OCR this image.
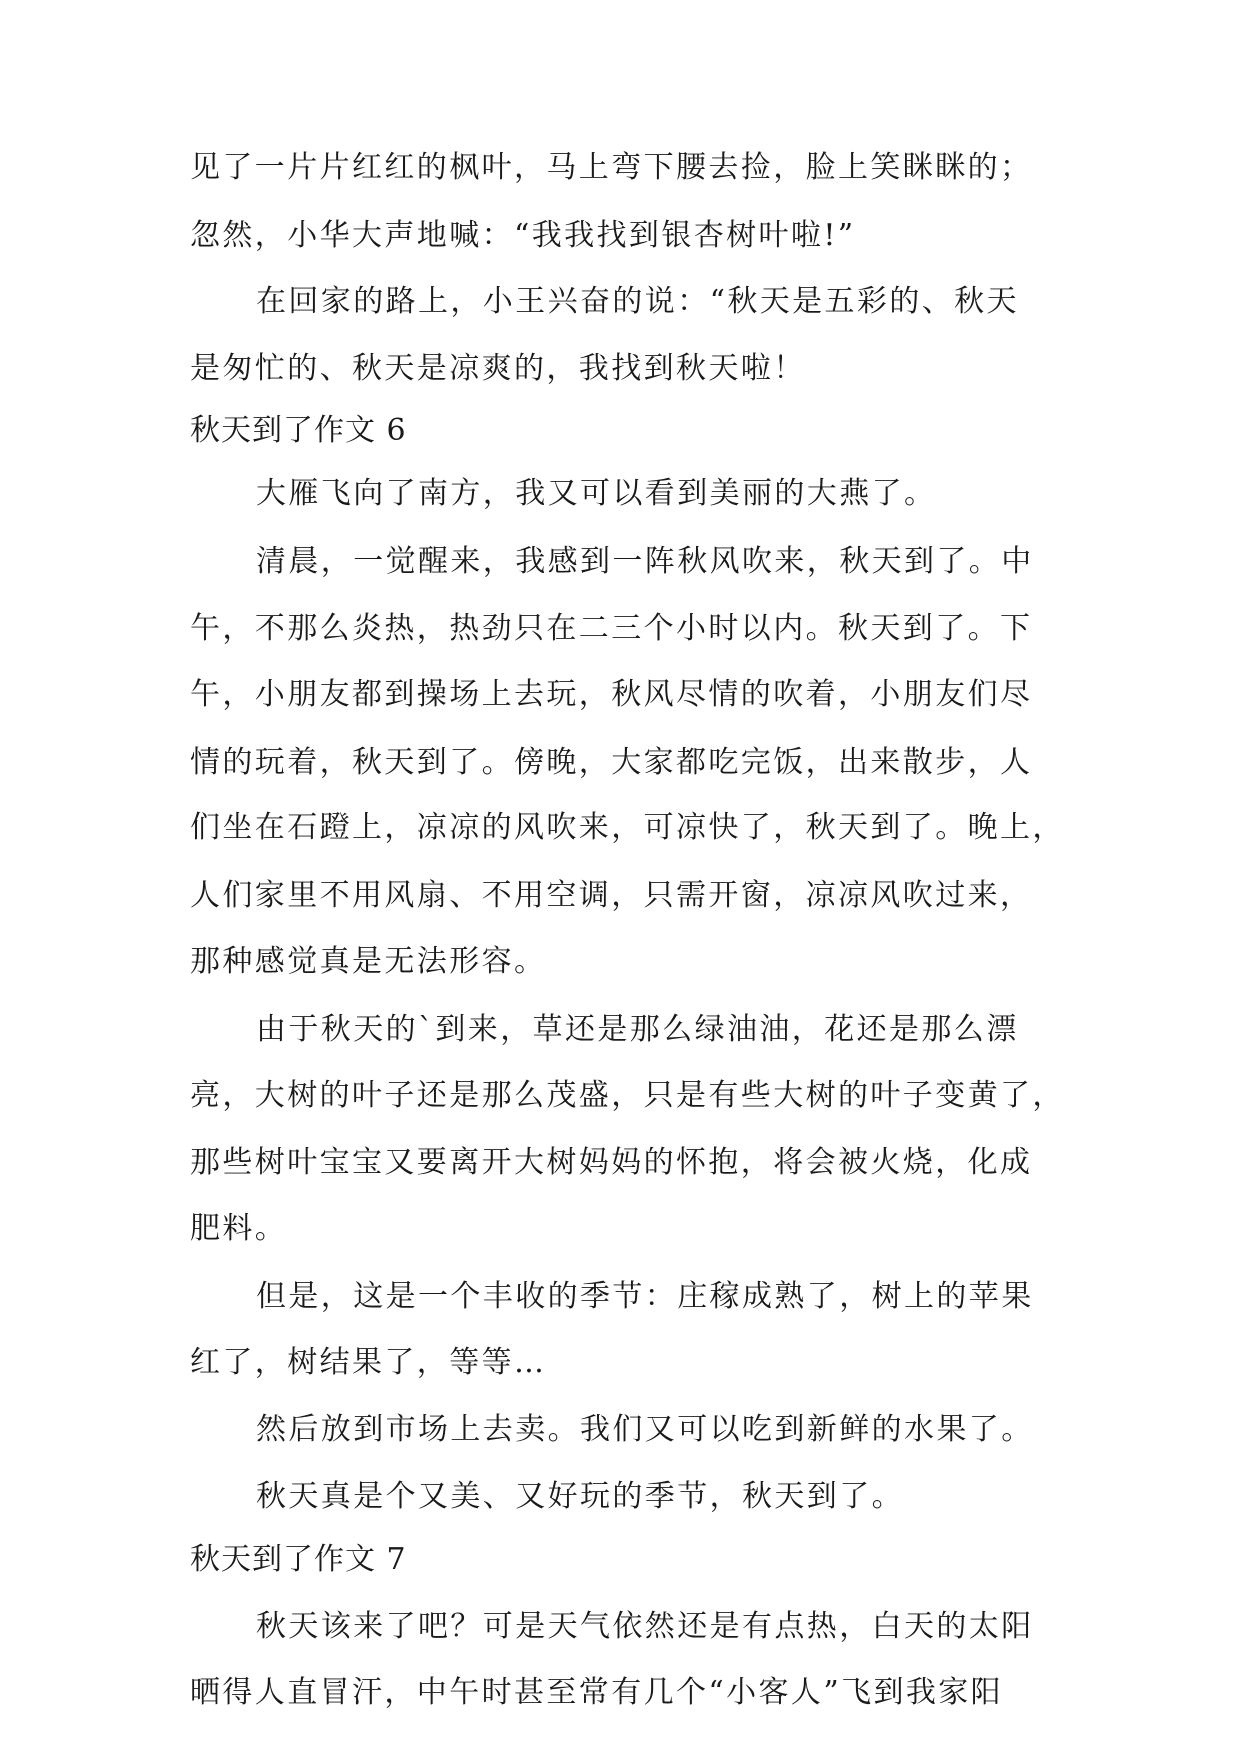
见了一片片红红的枫叶，马上弯下腰去捡，脸上笑眯眯的；
忽然，小华大声地喊：“我我找到银杏树叶啦!”
在回家的路上，小王兴奋的说：“秋天是五彩的、秋天
是匆忙的、秋天是凉爽的，我找到秋天啦！
秋天到了作文 6
大雁飞向了南方，我又可以看到美丽的大燕了。
清晨，一觉醒来，我感到一阵秋风吹来，秋天到了。中
午，不那么炎热，热劲只在二三个小时以内。秋天到了。下
午，小朋友都到操场上去玩，秋风尽情的吹着，小朋友们尽
情的玩着，秋天到了。傍晚，大家都吃完饭，出来散步，人
们坐在石蹬上，凉凉的风吹来，可凉快了，秋天到了。晚上，
人们家里不用风扇、不用空调，只需开窗，凉凉风吹过来，
那种感觉真是无法形容。
由于秋天的`到来，草还是那么绿油油，花还是那么漂
亮，大树的叶子还是那么茂盛，只是有些大树的叶子变黄了，
那些树叶宝宝又要离开大树妈妈的怀抱，将会被火烧，化成
肥料。
但是，这是一个丰收的季节：庄稼成熟了，树上的苹果
红了，树结果了，等等…
然后放到市场上去卖。我们又可以吃到新鲜的水果了。
秋天真是个又美、又好玩的季节，秋天到了。
秋天到了作文 7
秋天该来了吧？可是天气依然还是有点热，白天的太阳
晒得人直冒汗，中午时甚至常有几个“小客人”飞到我家阳
